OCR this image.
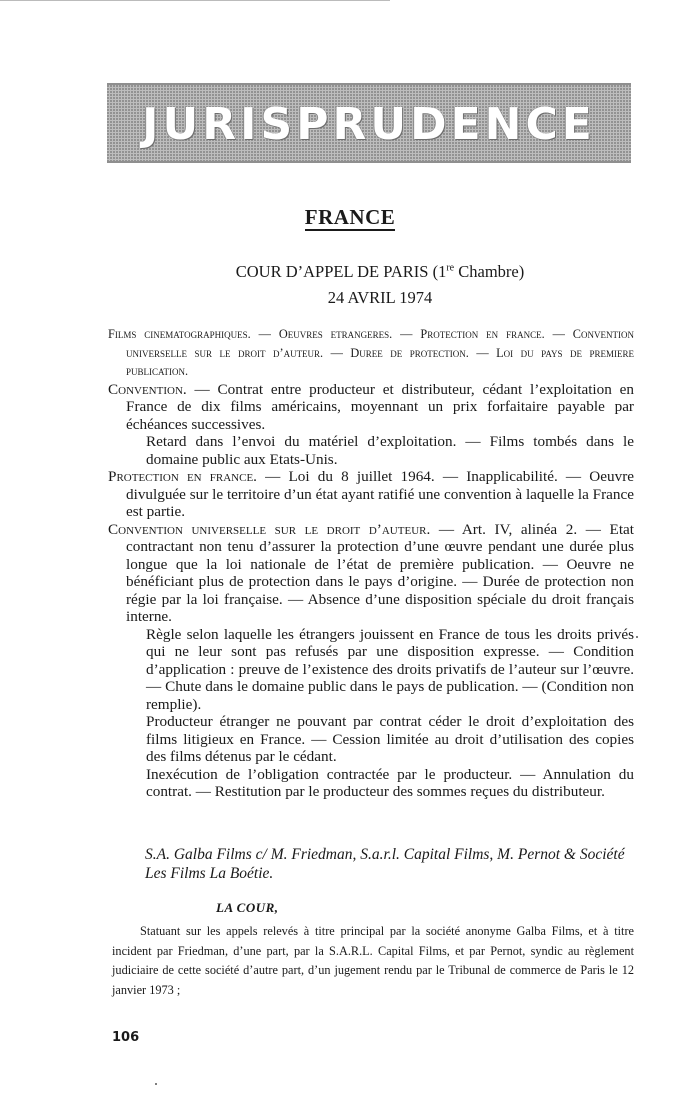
JURISPRUDENCE
FRANCE
COUR D’APPEL DE PARIS (1re Chambre)
24 AVRIL 1974
Films cinematographiques. — Oeuvres etrangeres. — Protection en france. — Convention universelle sur le droit d’auteur. — Duree de protection. — Loi du pays de premiere publication.
Convention. — Contrat entre producteur et distributeur, cédant l’exploitation en France de dix films américains, moyennant un prix forfaitaire payable par échéances successives.
Retard dans l’envoi du matériel d’exploitation. — Films tombés dans le domaine public aux Etats-Unis.
Protection en france. — Loi du 8 juillet 1964. — Inapplicabilité. — Oeuvre divulguée sur le territoire d’un état ayant ratifié une convention à laquelle la France est partie.
Convention universelle sur le droit d’auteur. — Art. IV, alinéa 2. — Etat contractant non tenu d’assurer la protection d’une œuvre pendant une durée plus longue que la loi nationale de l’état de première publication. — Oeuvre ne bénéficiant plus de protection dans le pays d’origine. — Durée de protection non régie par la loi française. — Absence d’une disposition spéciale du droit français interne.
Règle selon laquelle les étrangers jouissent en France de tous les droits privés qui ne leur sont pas refusés par une disposition expresse. — Condition d’application : preuve de l’existence des droits privatifs de l’auteur sur l’œuvre. — Chute dans le domaine public dans le pays de publication. — (Condition non remplie).
Producteur étranger ne pouvant par contrat céder le droit d’exploitation des films litigieux en France. — Cession limitée au droit d’utilisation des copies des films détenus par le cédant.
Inexécution de l’obligation contractée par le producteur. — Annulation du contrat. — Restitution par le producteur des sommes reçues du distributeur.
S.A. Galba Films c/ M. Friedman, S.a.r.l. Capital Films, M. Pernot & Société Les Films La Boétie.
LA COUR,
Statuant sur les appels relevés à titre principal par la société anonyme Galba Films, et à titre incident par Friedman, d’une part, par la S.A.R.L. Capital Films, et par Pernot, syndic au règlement judiciaire de cette société d’autre part, d’un jugement rendu par le Tribunal de commerce de Paris le 12 janvier 1973 ;
106
